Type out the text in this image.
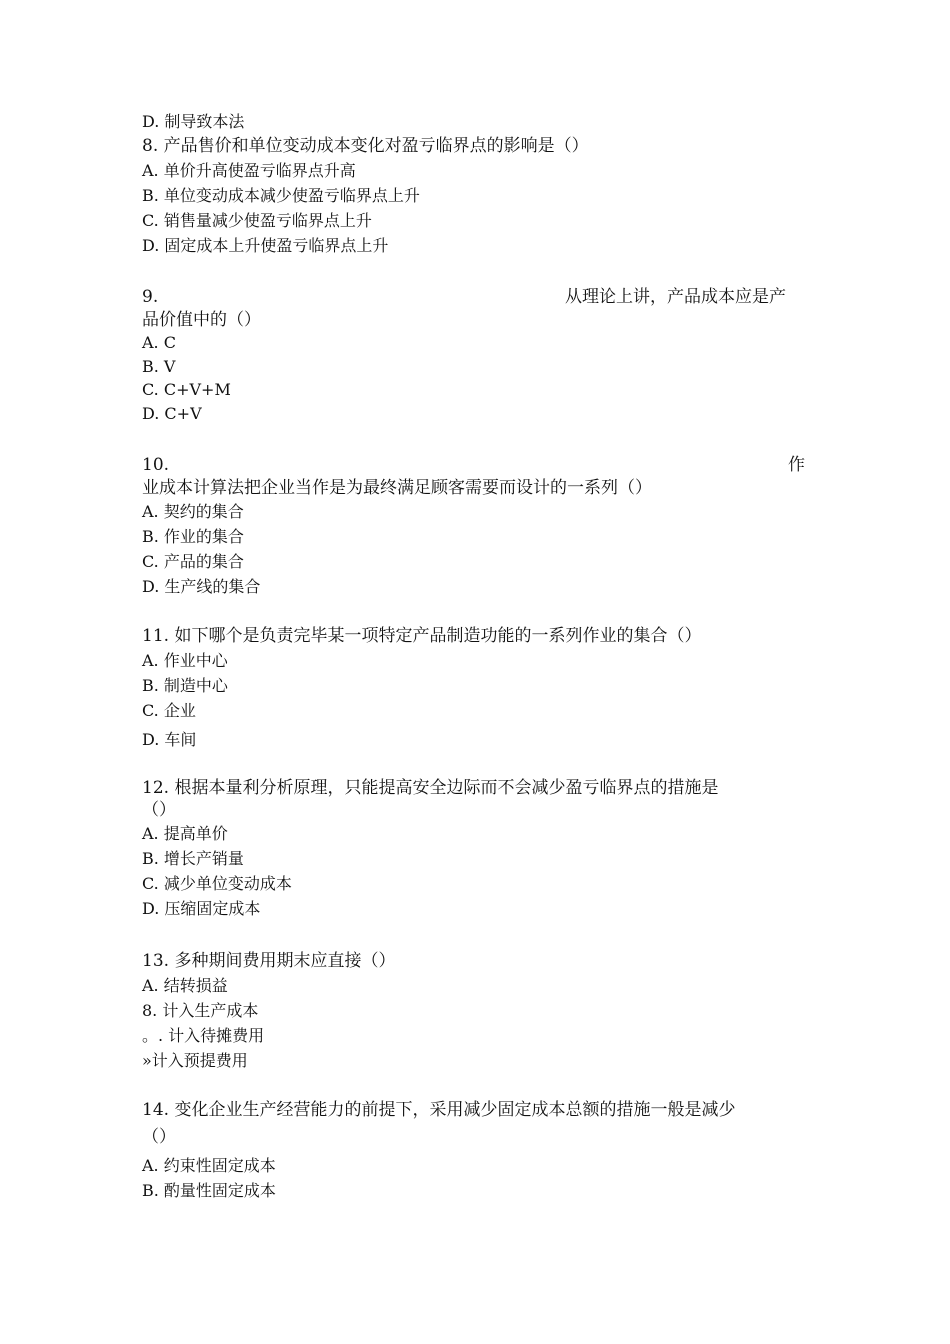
D. 制导致本法
8. 产品售价和单位变动成本变化对盈亏临界点的影响是（）
A. 单价升高使盈亏临界点升高
B. 单位变动成本减少使盈亏临界点上升
C. 销售量减少使盈亏临界点上升
D. 固定成本上升使盈亏临界点上升
9.	从理论上讲，产品成本应是产
品价值中的（）
A. C
B. V
C. C+V+M
D. C+V
10.	作
业成本计算法把企业当作是为最终满足顾客需要而设计的一系列（）
A. 契约的集合
B. 作业的集合
C. 产品的集合
D. 生产线的集合
11. 如下哪个是负责完毕某一项特定产品制造功能的一系列作业的集合（）
A. 作业中心
B. 制造中心
C. 企业
D. 车间
12. 根据本量利分析原理，只能提高安全边际而不会减少盈亏临界点的措施是
（）
A. 提高单价
B. 增长产销量
C. 减少单位变动成本
D. 压缩固定成本
13. 多种期间费用期末应直接（）
A. 结转损益
8. 计入生产成本
。. 计入待摊费用
»计入预提费用
14. 变化企业生产经营能力的前提下，采用减少固定成本总额的措施一般是减少
（）
A. 约束性固定成本
B. 酌量性固定成本
